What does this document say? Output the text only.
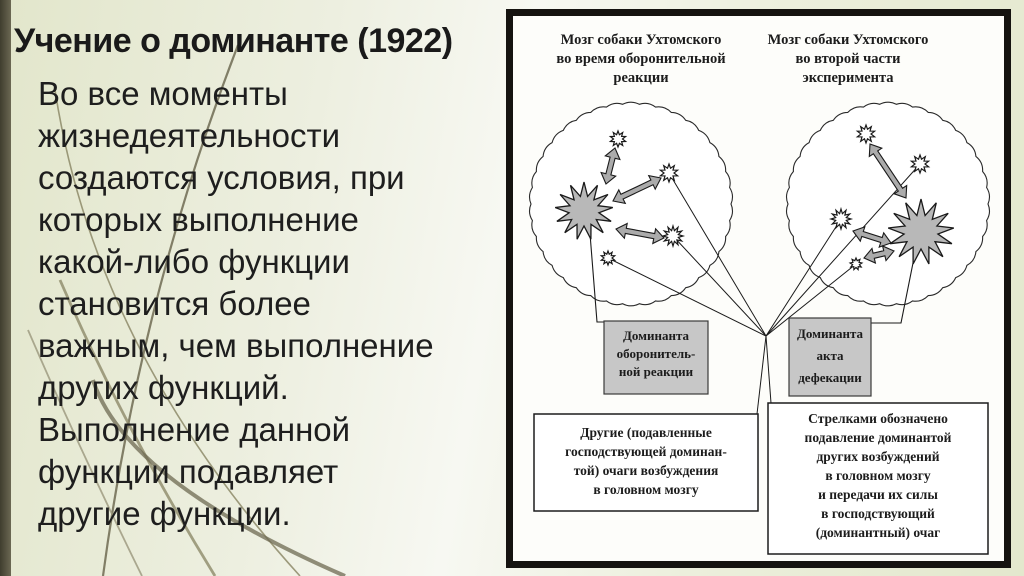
Учение о доминанте (1922)
Во все моменты
жизнедеятельности
создаются условия, при
которых выполнение
какой-либо функции
становится более
важным, чем выполнение
других функций.
Выполнение данной
функции подавляет
другие функции.
Мозг собаки Ухтомского
во время оборонительной
реакции
Мозг собаки Ухтомского
во второй части
эксперимента
Доминанта
оборонитель-
ной реакции
Доминанта
акта
дефекации
Другие (подавленные
господствующей доминан-
той) очаги возбуждения
в головном мозгу
Стрелками обозначено
подавление доминантой
других возбуждений
в головном мозгу
и передачи их силы
в господствующий
(доминантный) очаг
